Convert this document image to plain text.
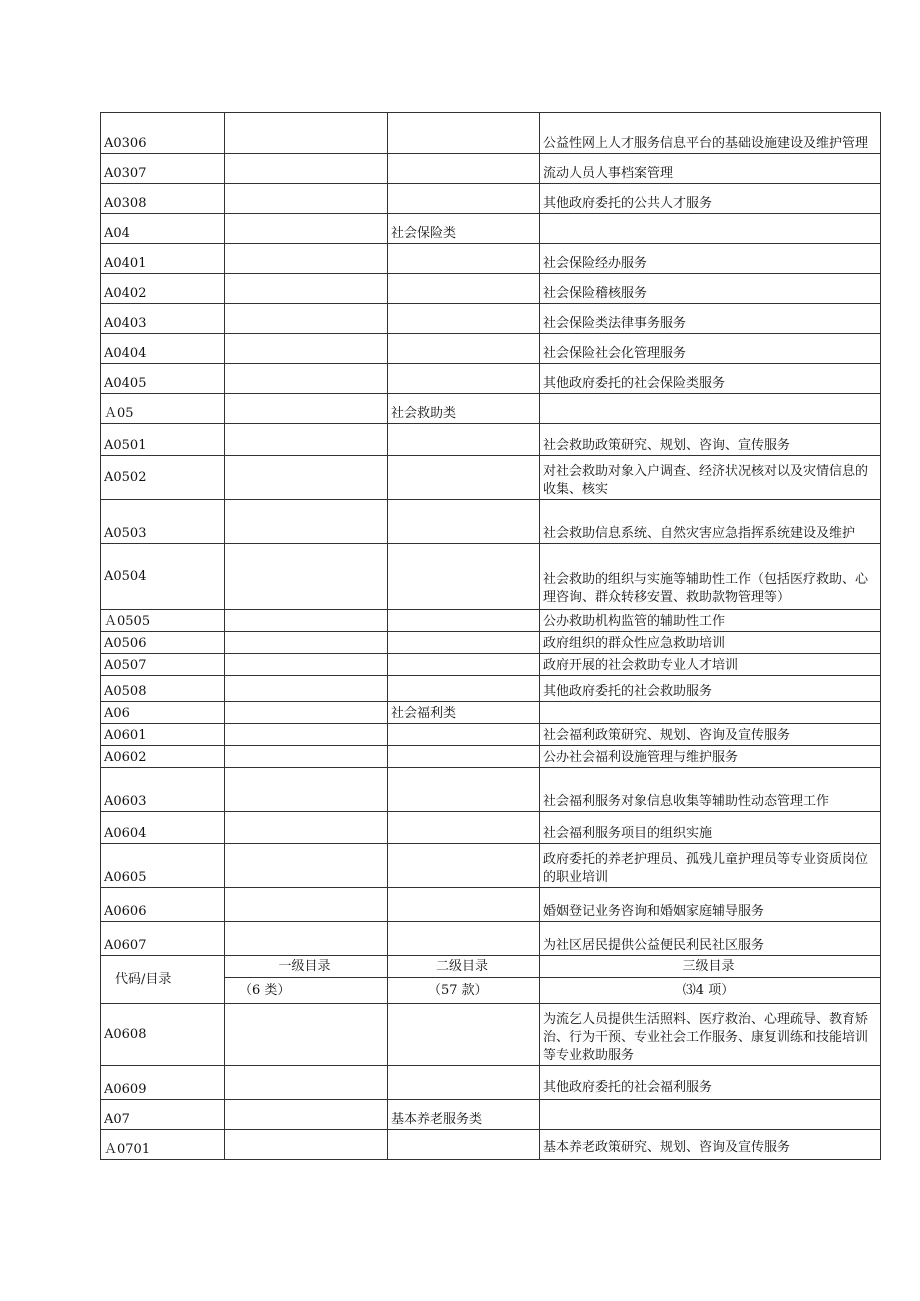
A0306			公益性网上人才服务信息平台的基础设施建设及维护管理
A0307			流动人员人事档案管理
A0308			其他政府委托的公共人才服务
A04		社会保险类	
A0401			社会保险经办服务
A0402			社会保险稽核服务
A0403			社会保险类法律事务服务
A0404			社会保险社会化管理服务
A0405			其他政府委托的社会保险类服务
Ａ05		社会救助类	
A0501			社会救助政策研究、规划、咨询、宣传服务
A0502			对社会救助对象入户调查、经济状况核对以及灾情信息的收集、核实
A0503			社会救助信息系统、自然灾害应急指挥系统建设及维护
A0504			社会救助的组织与实施等辅助性工作（包括医疗救助、心理咨询、群众转移安置、救助款物管理等）
Ａ0505			公办救助机构监管的辅助性工作
A0506			政府组织的群众性应急救助培训
A0507			政府开展的社会救助专业人才培训
A0508			其他政府委托的社会救助服务
A06		社会福利类	
A0601			社会福利政策研究、规划、咨询及宣传服务
A0602			公办社会福利设施管理与维护服务
A0603			社会福利服务对象信息收集等辅助性动态管理工作
A0604			社会福利服务项目的组织实施
A0605			政府委托的养老护理员、孤残儿童护理员等专业资质岗位的职业培训
A0606			婚姻登记业务咨询和婚姻家庭辅导服务
A0607			为社区居民提供公益便民利民社区服务
代码/目录	一级目录	二级目录	三级目录
	（6 类）	（57 款）	⑶4 项）
A0608			为流乞人员提供生活照料、医疗救治、心理疏导、教育矫治、行为干预、专业社会工作服务、康复训练和技能培训等专业救助服务
A0609			其他政府委托的社会福利服务
A07		基本养老服务类	
Ａ0701			基本养老政策研究、规划、咨询及宣传服务
